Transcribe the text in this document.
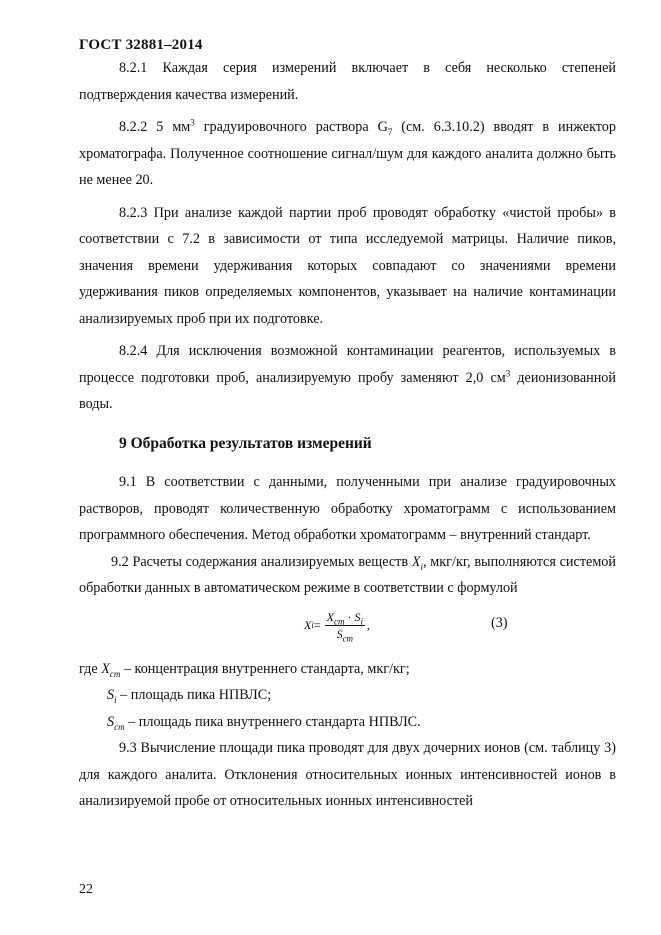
ГОСТ 32881–2014

8.2.1 Каждая серия измерений включает в себя несколько степеней подтверждения качества измерений.

8.2.2 5 $мм^3$ градуировочного раствора $G_7$ (см. 6.3.10.2) вводят в инжектор хроматографа. Полученное соотношение сигнал/шум для каждого аналита должно быть не менее 20.

8.2.3 При анализе каждой партии проб проводят обработку «чистой пробы» в соответствии с 7.2 в зависимости от типа исследуемой матрицы. Наличие пиков, значения времени удерживания которых совпадают со значениями времени удерживания пиков определяемых компонентов, указывает на наличие контаминации анализируемых проб при их подготовке.

8.2.4 Для исключения возможной контаминации реагентов, используемых в процессе подготовки проб, анализируемую пробу заменяют 2,0 $см^3$ деионизованной воды.

9 Обработка результатов измерений

9.1 В соответствии с данными, полученными при анализе градуировочных растворов, проводят количественную обработку хроматограмм с использованием программного обеспечения. Метод обработки хроматограмм – внутренний стандарт.

9.2 Расчеты содержания анализируемых веществ $X_i$, мкг/кг, выполняются системой обработки данных в автоматическом режиме в соответствии с формулой

X $i = \frac{X_{ст} \cdot S_i}{S_{ст}}$ ,	(3)

где $X_{ст}$ – концентрация внутреннего стандарта, мкг/кг;

$S_i$ – площадь пика НПВЛС;

$S_{ст}$ – площадь пика внутреннего стандарта НПВЛС.

9.3 Вычисление площади пика проводят для двух дочерних ионов (см. таблицу 3) для каждого аналита. Отклонения относительных ионных интенсивностей ионов в анализируемой пробе от относительных ионных интенсивностей

22
